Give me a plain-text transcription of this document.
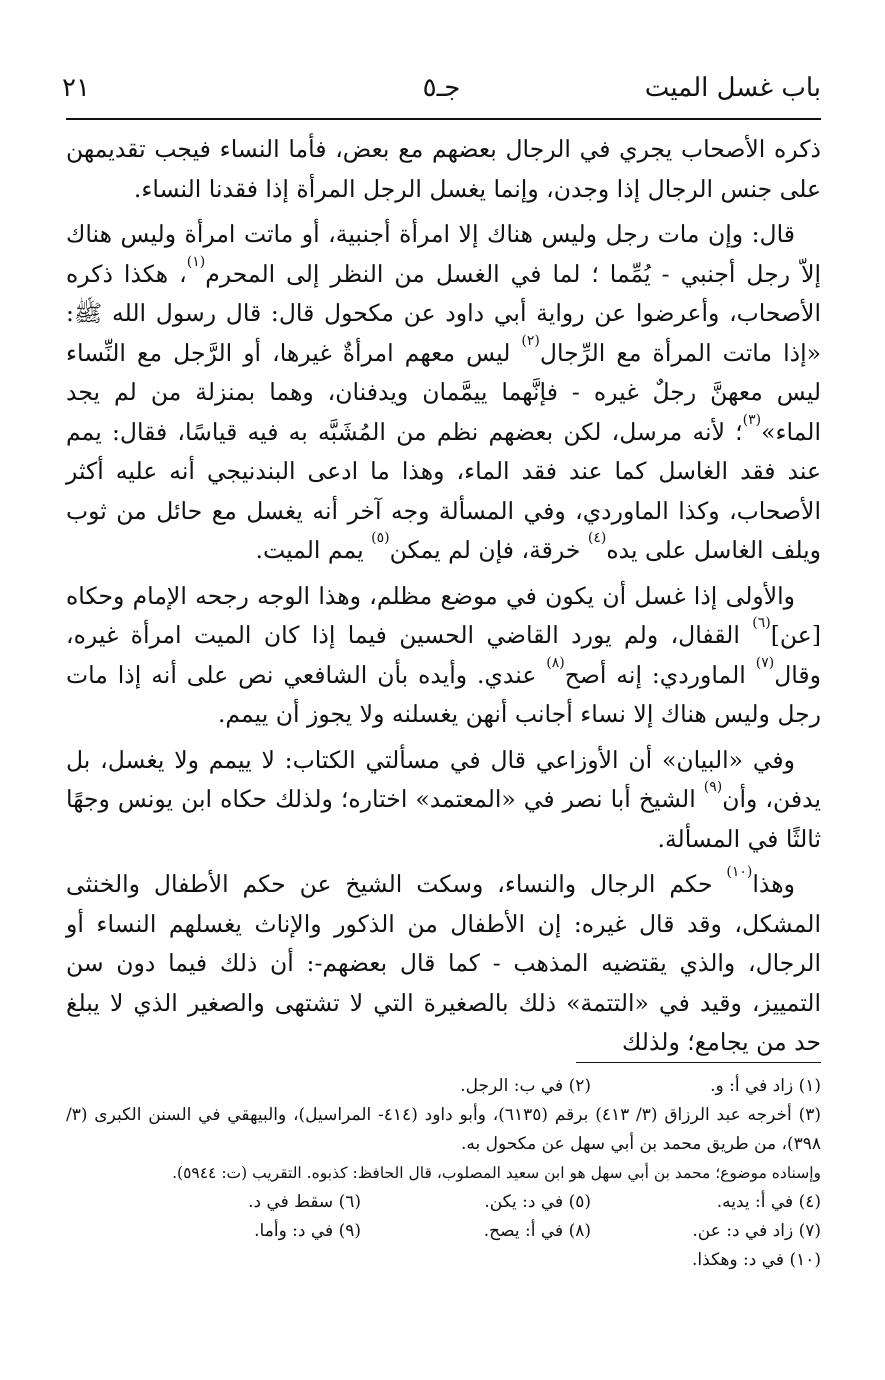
باب غسل الميت
جـ٥
٢١

ذكره الأصحاب يجري في الرجال بعضهم مع بعض، فأما النساء فيجب تقديمهن على جنس الرجال إذا وجدن، وإنما يغسل الرجل المرأة إذا فقدنا النساء.

قال: وإن مات رجل وليس هناك إلا امرأة أجنبية، أو ماتت امرأة وليس هناك إلاّ رجل أجنبي - يُمِّما ؛ لما في الغسل من النظر إلى المحرم$^{(١)}$، هكذا ذكره الأصحاب، وأعرضوا عن رواية أبي داود عن مكحول قال: قال رسول الله ﷺ: «إذا ماتت المرأة مع الرِّجال$^{(٢)}$ ليس معهم امرأةٌ غيرها، أو الرَّجل مع النِّساء ليس معهنَّ رجلٌ غيره - فإنَّهما ييمَّمان ويدفنان، وهما بمنزلة من لم يجد الماء»$^{(٣)}$؛ لأنه مرسل، لكن بعضهم نظم من المُشَبَّه به فيه قياسًا، فقال: يمم عند فقد الغاسل كما عند فقد الماء، وهذا ما ادعى البندنيجي أنه عليه أكثر الأصحاب، وكذا الماوردي، وفي المسألة وجه آخر أنه يغسل مع حائل من ثوب ويلف الغاسل على يده$^{(٤)}$ خرقة، فإن لم يمكن$^{(٥)}$ يمم الميت.

والأولى إذا غسل أن يكون في موضع مظلم، وهذا الوجه رجحه الإمام وحكاه [عن]$^{(٦)}$ القفال، ولم يورد القاضي الحسين فيما إذا كان الميت امرأة غيره، وقال$^{(٧)}$ الماوردي: إنه أصح$^{(٨)}$ عندي. وأيده بأن الشافعي نص على أنه إذا مات رجل وليس هناك إلا نساء أجانب أنهن يغسلنه ولا يجوز أن ييمم.

وفي «البيان» أن الأوزاعي قال في مسألتي الكتاب: لا ييمم ولا يغسل، بل يدفن، وأن$^{(٩)}$ الشيخ أبا نصر في «المعتمد» اختاره؛ ولذلك حكاه ابن يونس وجهًا ثالثًا في المسألة.

وهذا$^{(١٠)}$ حكم الرجال والنساء، وسكت الشيخ عن حكم الأطفال والخنثى المشكل، وقد قال غيره: إن الأطفال من الذكور والإناث يغسلهم النساء أو الرجال، والذي يقتضيه المذهب - كما قال بعضهم-: أن ذلك فيما دون سن التمييز، وقيد في «التتمة» ذلك بالصغيرة التي لا تشتهى والصغير الذي لا يبلغ حد من يجامع؛ ولذلك

(١) زاد في أ: و.
(٢) في ب: الرجل.
(٣) أخرجه عبد الرزاق (٣/ ٤١٣) برقم (٦١٣٥)، وأبو داود (٤١٤- المراسيل)، والبيهقي في السنن الكبرى (٣/ ٣٩٨)، من طريق محمد بن أبي سهل عن مكحول به.
وإسناده موضوع؛ محمد بن أبي سهل هو ابن سعيد المصلوب، قال الحافظ: كذبوه. التقريب (ت: ٥٩٤٤).
(٤) في أ: يديه.
(٥) في د: يكن.
(٦) سقط في د.
(٧) زاد في د: عن.
(٨) في أ: يصح.
(٩) في د: وأما.
(١٠) في د: وهكذا.
